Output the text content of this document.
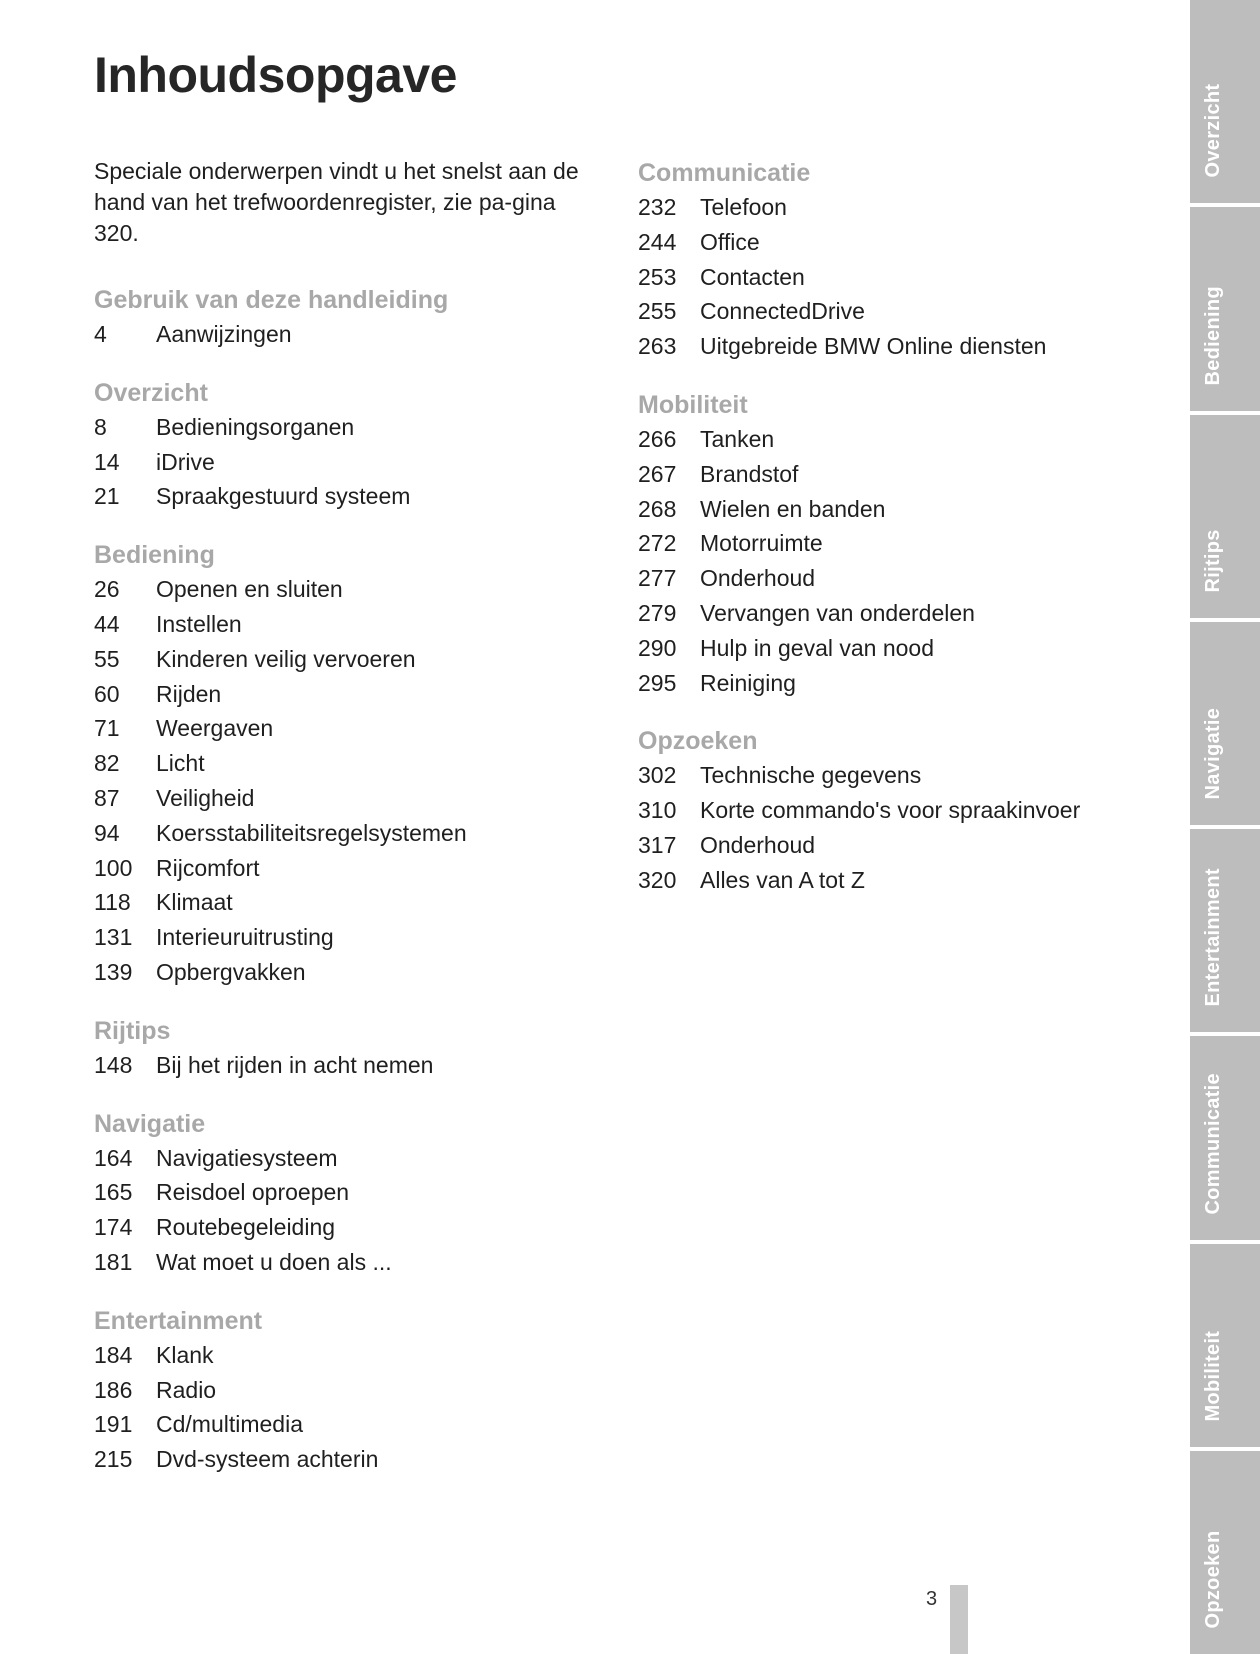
Inhoudsopgave

Speciale onderwerpen vindt u het snelst aan de hand van het trefwoordenregister, zie pa-gina 320.

Gebruik van deze handleiding
4	Aanwijzingen
Overzicht
8	Bedieningsorganen
14	iDrive
21	Spraakgestuurd systeem
Bediening
26	Openen en sluiten
44	Instellen
55	Kinderen veilig vervoeren
60	Rijden
71	Weergaven
82	Licht
87	Veiligheid
94	Koersstabiliteitsregelsystemen
100	Rijcomfort
118	Klimaat
131	Interieuruitrusting
139	Opbergvakken
Rijtips
148	Bij het rijden in acht nemen
Navigatie
164	Navigatiesysteem
165	Reisdoel oproepen
174	Routebegeleiding
181	Wat moet u doen als ...
Entertainment
184	Klank
186	Radio
191	Cd/multimedia
215	Dvd-systeem achterin
Communicatie
232	Telefoon
244	Office
253	Contacten
255	ConnectedDrive
263	Uitgebreide BMW Online diensten
Mobiliteit
266	Tanken
267	Brandstof
268	Wielen en banden
272	Motorruimte
277	Onderhoud
279	Vervangen van onderdelen
290	Hulp in geval van nood
295	Reiniging
Opzoeken
302	Technische gegevens
310	Korte commando's voor spraakinvoer
317	Onderhoud
320	Alles van A tot Z
Overzicht
Bediening
Rijtips
Navigatie
Entertainment
Communicatie
Mobiliteit
Opzoeken
3
